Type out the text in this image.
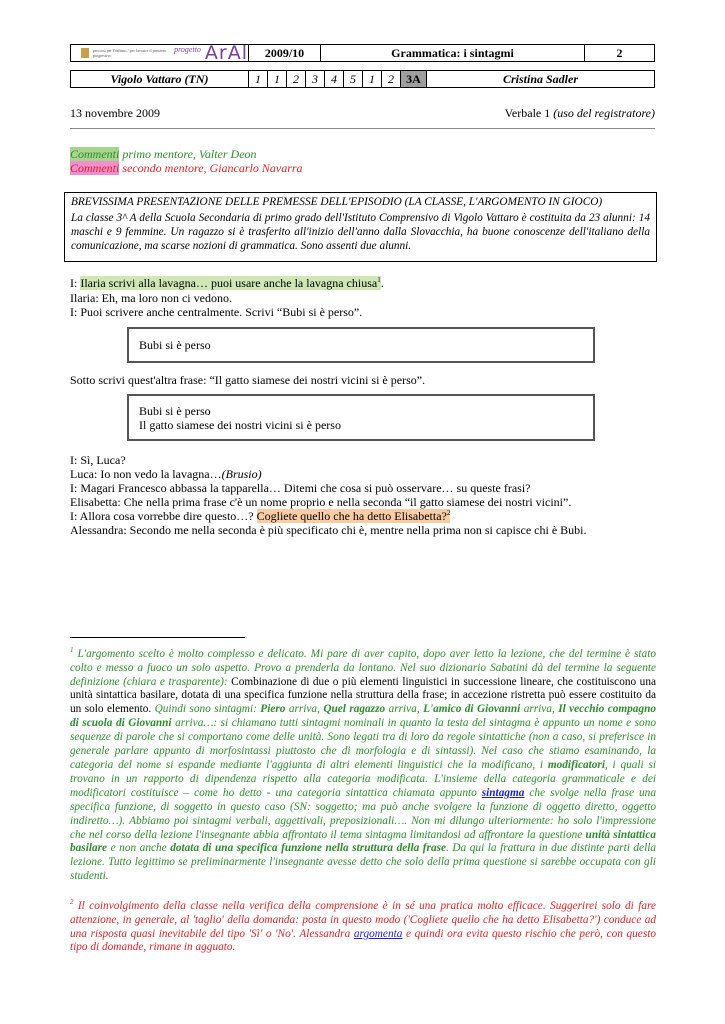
percorsi per l'italiano / per favorire il pensiero progressivo
progetto ArAl	2009/10	Grammatica: i sintagmi	2
Vigolo Vattaro (TN)	1	1	2	3	4	5	1	2	3A	Cristina Sadler
13 novembre 2009	Verbale 1 (uso del registratore)
Commenti primo mentore, Valter Deon
Commenti secondo mentore, Giancarlo Navarra
BREVISSIMA PRESENTAZIONE DELLE PREMESSE DELL'EPISODIO (LA CLASSE, L'ARGOMENTO IN GIOCO)
La classe 3^ A della Scuola Secondaria di primo grado dell'Istituto Comprensivo di Vigolo Vattaro è costituita da 23 alunni: 14 maschi e 9 femmine. Un ragazzo si è trasferito all'inizio dell'anno dalla Slovacchia, ha buone conoscenze dell'italiano della comunicazione, ma scarse nozioni di grammatica. Sono assenti due alunni.
I: Ilaria scrivi alla lavagna… puoi usare anche la lavagna chiusa$^1$.
Ilaria: Eh, ma loro non ci vedono.
I: Puoi scrivere anche centralmente. Scrivi “Bubi si è perso”.
Bubi si è perso
Sotto scrivi quest'altra frase: “Il gatto siamese dei nostri vicini si è perso”.
Bubi si è perso
Il gatto siamese dei nostri vicini si è perso
I: Sì, Luca?
Luca: Io non vedo la lavagna…(Brusio)
I: Magari Francesco abbassa la tapparella… Ditemi che cosa si può osservare… su queste frasi?
Elisabetta: Che nella prima frase c'è un nome proprio e nella seconda “il gatto siamese dei nostri vicini”.
I: Allora cosa vorrebbe dire questo…? Cogliete quello che ha detto Elisabetta?$^2$
Alessandra: Secondo me nella seconda è più specificato chi è, mentre nella prima non si capisce chi è Bubi.
$^1$ L'argomento scelto è molto complesso e delicato. Mi pare di aver capito, dopo aver letto la lezione, che del termine è stato colto e messo a fuoco un solo aspetto. Provo a prenderla da lontano. Nel suo dizionario Sabatini dà del termine la seguente definizione (chiara e trasparente): Combinazione di due o più elementi linguistici in successione lineare, che costituiscono una unità sintattica basilare, dotata di una specifica funzione nella struttura della frase; in accezione ristretta può essere costituito da un solo elemento. Quindi sono sintagmi: Piero arriva, Quel ragazzo arriva, L'amico di Giovanni arriva, Il vecchio compagno di scuola di Giovanni arriva…: si chiamano tutti sintagmi nominali in quanto la testa del sintagma è appunto un nome e sono sequenze di parole che si comportano come delle unità. Sono legati tra di loro da regole sintattiche (non a caso, si preferisce in generale parlare appunto di morfosintassi piuttosto che di morfologia e di sintassi). Nel caso che stiamo esaminando, la categoria del nome si espande mediante l'aggiunta di altri elementi linguistici che la modificano, i modificatori, i quali si trovano in un rapporto di dipendenza rispetto alla categoria modificata. L'insieme della categoria grammaticale e dei modificatori costituisce – come ho detto - una categoria sintattica chiamata appunto sintagma che svolge nella frase una specifica funzione, di soggetto in questo caso (SN: soggetto; ma può anche svolgere la funzione di oggetto diretto, oggetto indiretto…). Abbiamo poi sintagmi verbali, aggettivali, preposizionali…. Non mi dilungo ulteriormente: ho solo l'impressione che nel corso della lezione l'insegnante abbia affrontato il tema sintagma limitandosi ad affrontare la questione unità sintattica basilare e non anche dotata di una specifica funzione nella struttura della frase. Da qui la frattura in due distinte parti della lezione. Tutto legittimo se preliminarmente l'insegnante avesse detto che solo della prima questione si sarebbe occupata con gli studenti.
$^2$ Il coinvolgimento della classe nella verifica della comprensione è in sé una pratica molto efficace. Suggerirei solo di fare attenzione, in generale, al 'taglio' della domanda: posta in questo modo ('Cogliete quello che ha detto Elisabetta?') conduce ad una risposta quasi inevitabile del tipo 'Sì' o 'No'. Alessandra argomenta e quindi ora evita questo rischio che però, con questo tipo di domande, rimane in agguato.
